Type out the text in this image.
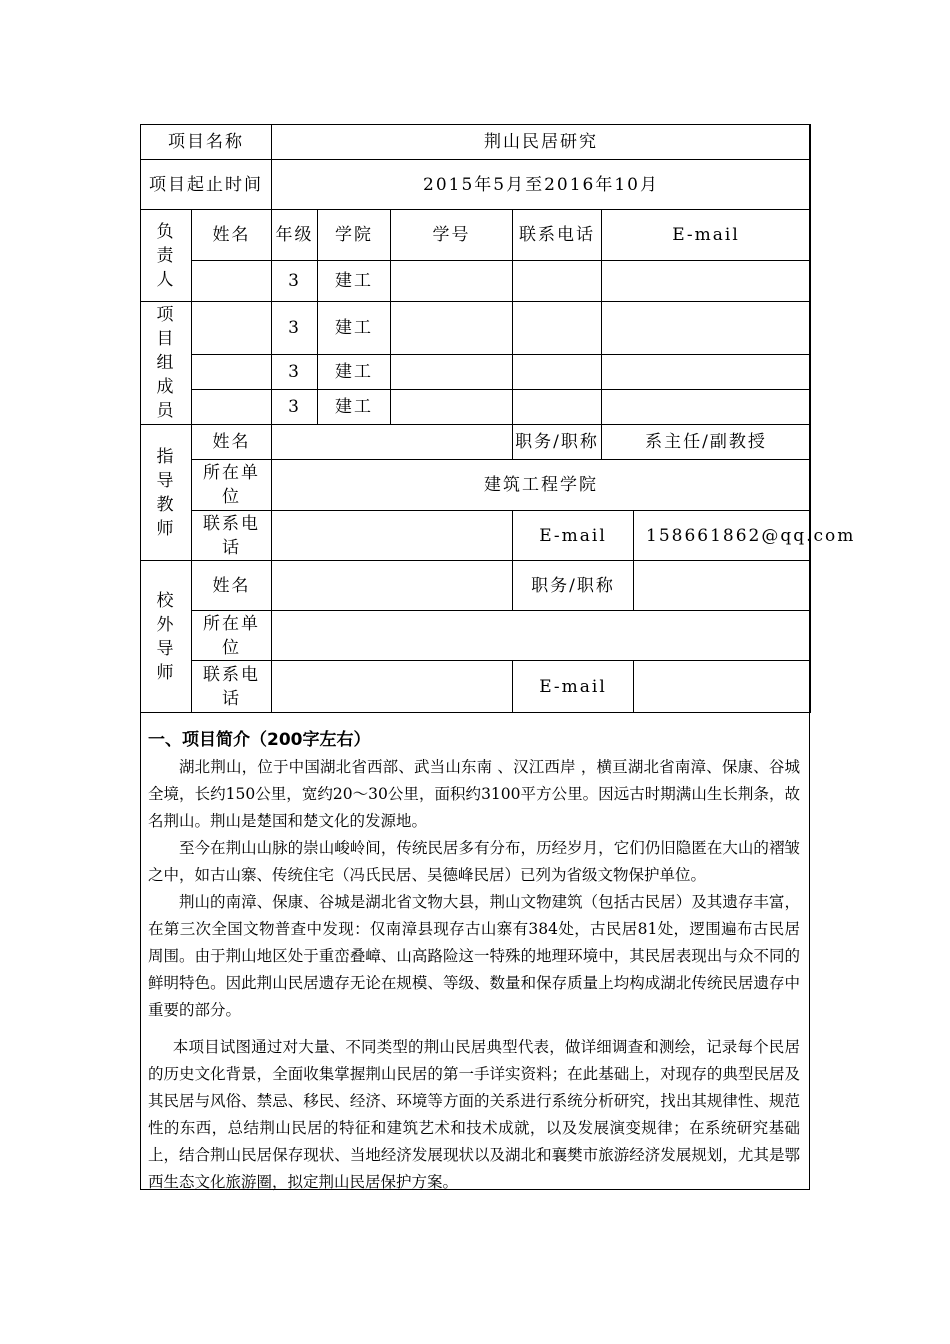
项目名称		荆山民居研究					
项目起止时间		2015年5月至2016年10月					

负
责
人	姓名	年级	学院	学号	联系电话	E-mail	
		3	建工				

项
目
组
成
员		3	建工				
		3	建工				
		3	建工				

指
导
教
师	姓名				职务/职称	系主任/副教授	
	所在单位	建筑工程学院					
	联系电话				E-mail		158661862@qq.com

校
外
导
师	姓名				职务/职称		
	所在单位						
	联系电话				E-mail		

一、项目简介（200字左右）

湖北荆山，位于中国湖北省西部、武当山东南 、汉江西岸 ，横亘湖北省南漳、保康、谷城全境，长约150公里，宽约20～30公里，面积约3100平方公里。因远古时期满山生长荆条，故名荆山。荆山是楚国和楚文化的发源地。

至今在荆山山脉的崇山峻岭间，传统民居多有分布，历经岁月，它们仍旧隐匿在大山的褶皱之中，如古山寨、传统住宅（冯氏民居、吴德峰民居）已列为省级文物保护单位。

荆山的南漳、保康、谷城是湖北省文物大县，荆山文物建筑（包括古民居）及其遗存丰富，在第三次全国文物普查中发现：仅南漳县现存古山寨有384处，古民居81处，逻围遍布古民居周围。由于荆山地区处于重峦叠嶂、山高路险这一特殊的地理环境中，其民居表现出与众不同的鲜明特色。因此荆山民居遗存无论在规模、等级、数量和保存质量上均构成湖北传统民居遗存中重要的部分。

本项目试图通过对大量、不同类型的荆山民居典型代表，做详细调查和测绘，记录每个民居的历史文化背景，全面收集掌握荆山民居的第一手详实资料；在此基础上，对现存的典型民居及其民居与风俗、禁忌、移民、经济、环境等方面的关系进行系统分析研究，找出其规律性、规范性的东西，总结荆山民居的特征和建筑艺术和技术成就，以及发展演变规律；在系统研究基础上，结合荆山民居保存现状、当地经济发展现状以及湖北和襄樊市旅游经济发展规划，尤其是鄂西生态文化旅游圈，拟定荆山民居保护方案。
